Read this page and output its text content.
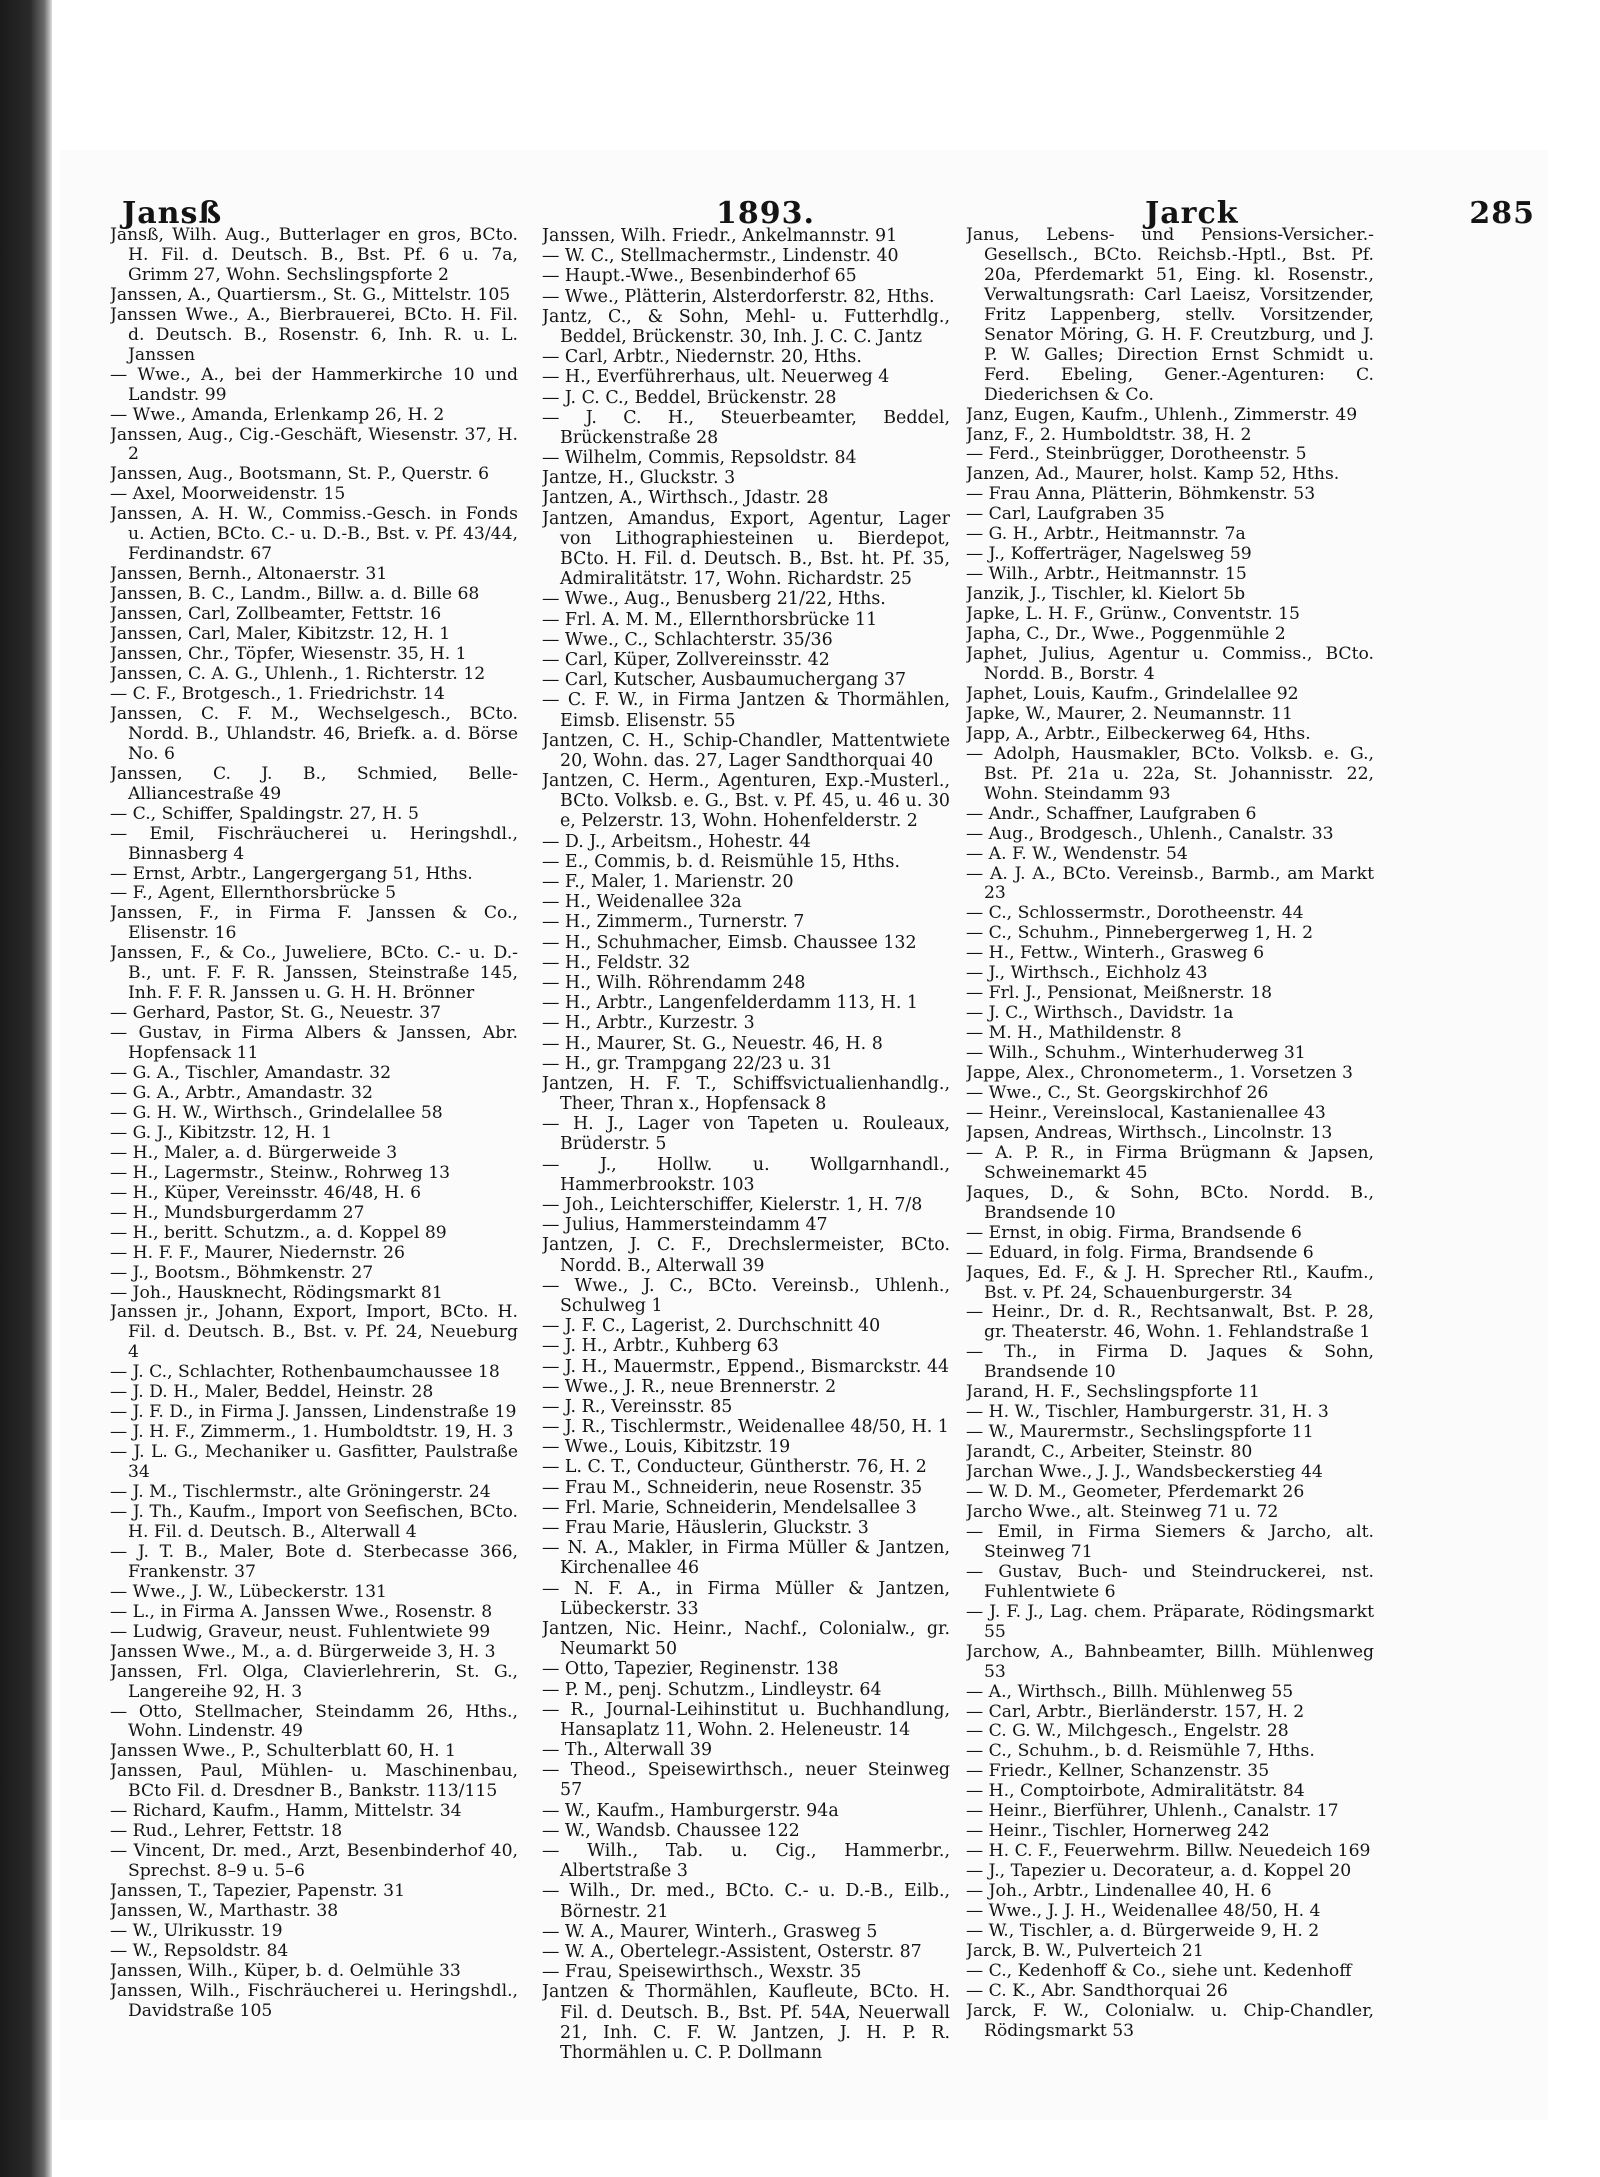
Jansß	1893.	Jarck	285

Jansß, Wilh. Aug., Butterlager en gros, BCto. H. Fil. d. Deutsch. B., Bst. Pf. 6 u. 7a, Grimm 27, Wohn. Sechslingspforte 2

Janssen, A., Quartiersm., St. G., Mittelstr. 105

Janssen Wwe., A., Bierbrauerei, BCto. H. Fil. d. Deutsch. B., Rosenstr. 6, Inh. R. u. L. Janssen

— Wwe., A., bei der Hammerkirche 10 und Landstr. 99

— Wwe., Amanda, Erlenkamp 26, H. 2

Janssen, Aug., Cig.-Geschäft, Wiesenstr. 37, H. 2

Janssen, Aug., Bootsmann, St. P., Querstr. 6

— Axel, Moorweidenstr. 15

Janssen, A. H. W., Commiss.-Gesch. in Fonds u. Actien, BCto. C.- u. D.-B., Bst. v. Pf. 43/44, Ferdinandstr. 67

Janssen, Bernh., Altonaerstr. 31

Janssen, B. C., Landm., Billw. a. d. Bille 68

Janssen, Carl, Zollbeamter, Fettstr. 16

Janssen, Carl, Maler, Kibitzstr. 12, H. 1

Janssen, Chr., Töpfer, Wiesenstr. 35, H. 1

Janssen, C. A. G., Uhlenh., 1. Richterstr. 12

— C. F., Brotgesch., 1. Friedrichstr. 14

Janssen, C. F. M., Wechselgesch., BCto. Nordd. B., Uhlandstr. 46, Briefk. a. d. Börse No. 6

Janssen, C. J. B., Schmied, Belle-Alliancestraße 49

— C., Schiffer, Spaldingstr. 27, H. 5

— Emil, Fischräucherei u. Heringshdl., Binnasberg 4

— Ernst, Arbtr., Langergergang 51, Hths.

— F., Agent, Ellernthorsbrücke 5

Janssen, F., in Firma F. Janssen & Co., Elisenstr. 16

Janssen, F., & Co., Juweliere, BCto. C.- u. D.-B., unt. F. F. R. Janssen, Steinstraße 145, Inh. F. F. R. Janssen u. G. H. H. Brönner

— Gerhard, Pastor, St. G., Neuestr. 37

— Gustav, in Firma Albers & Janssen, Abr. Hopfensack 11

— G. A., Tischler, Amandastr. 32

— G. A., Arbtr., Amandastr. 32

— G. H. W., Wirthsch., Grindelallee 58

— G. J., Kibitzstr. 12, H. 1

— H., Maler, a. d. Bürgerweide 3

— H., Lagermstr., Steinw., Rohrweg 13

— H., Küper, Vereinsstr. 46/48, H. 6

— H., Mundsburgerdamm 27

— H., beritt. Schutzm., a. d. Koppel 89

— H. F. F., Maurer, Niedernstr. 26

— J., Bootsm., Böhmkenstr. 27

— Joh., Hausknecht, Rödingsmarkt 81

Janssen jr., Johann, Export, Import, BCto. H. Fil. d. Deutsch. B., Bst. v. Pf. 24, Neueburg 4

— J. C., Schlachter, Rothenbaumchaussee 18

— J. D. H., Maler, Beddel, Heinstr. 28

— J. F. D., in Firma J. Janssen, Lindenstraße 19

— J. H. F., Zimmerm., 1. Humboldtstr. 19, H. 3

— J. L. G., Mechaniker u. Gasfitter, Paulstraße 34

— J. M., Tischlermstr., alte Gröningerstr. 24

— J. Th., Kaufm., Import von Seefischen, BCto. H. Fil. d. Deutsch. B., Alterwall 4

— J. T. B., Maler, Bote d. Sterbecasse 366, Frankenstr. 37

— Wwe., J. W., Lübeckerstr. 131

— L., in Firma A. Janssen Wwe., Rosenstr. 8

— Ludwig, Graveur, neust. Fuhlentwiete 99

Janssen Wwe., M., a. d. Bürgerweide 3, H. 3

Janssen, Frl. Olga, Clavierlehrerin, St. G., Langereihe 92, H. 3

— Otto, Stellmacher, Steindamm 26, Hths., Wohn. Lindenstr. 49

Janssen Wwe., P., Schulterblatt 60, H. 1

Janssen, Paul, Mühlen- u. Maschinenbau, BCto Fil. d. Dresdner B., Bankstr. 113/115

— Richard, Kaufm., Hamm, Mittelstr. 34

— Rud., Lehrer, Fettstr. 18

— Vincent, Dr. med., Arzt, Besenbinderhof 40, Sprechst. 8–9 u. 5–6

Janssen, T., Tapezier, Papenstr. 31

Janssen, W., Marthastr. 38

— W., Ulrikusstr. 19

— W., Repsoldstr. 84

Janssen, Wilh., Küper, b. d. Oelmühle 33

Janssen, Wilh., Fischräucherei u. Heringshdl., Davidstraße 105

Janssen, Wilh. Friedr., Ankelmannstr. 91

— W. C., Stellmachermstr., Lindenstr. 40

— Haupt.-Wwe., Besenbinderhof 65

— Wwe., Plätterin, Alsterdorferstr. 82, Hths.

Jantz, C., & Sohn, Mehl- u. Futterhdlg., Beddel, Brückenstr. 30, Inh. J. C. C. Jantz

— Carl, Arbtr., Niedernstr. 20, Hths.

— H., Everführerhaus, ult. Neuerweg 4

— J. C. C., Beddel, Brückenstr. 28

— J. C. H., Steuerbeamter, Beddel, Brückenstraße 28

— Wilhelm, Commis, Repsoldstr. 84

Jantze, H., Gluckstr. 3

Jantzen, A., Wirthsch., Jdastr. 28

Jantzen, Amandus, Export, Agentur, Lager von Lithographiesteinen u. Bierdepot, BCto. H. Fil. d. Deutsch. B., Bst. ht. Pf. 35, Admiralitätstr. 17, Wohn. Richardstr. 25

— Wwe., Aug., Benusberg 21/22, Hths.

— Frl. A. M. M., Ellernthorsbrücke 11

— Wwe., C., Schlachterstr. 35/36

— Carl, Küper, Zollvereinsstr. 42

— Carl, Kutscher, Ausbaumuchergang 37

— C. F. W., in Firma Jantzen & Thormählen, Eimsb. Elisenstr. 55

Jantzen, C. H., Schip-Chandler, Mattentwiete 20, Wohn. das. 27, Lager Sandthorquai 40

Jantzen, C. Herm., Agenturen, Exp.-Musterl., BCto. Volksb. e. G., Bst. v. Pf. 45, u. 46 u. 30 e, Pelzerstr. 13, Wohn. Hohenfelderstr. 2

— D. J., Arbeitsm., Hohestr. 44

— E., Commis, b. d. Reismühle 15, Hths.

— F., Maler, 1. Marienstr. 20

— H., Weidenallee 32a

— H., Zimmerm., Turnerstr. 7

— H., Schuhmacher, Eimsb. Chaussee 132

— H., Feldstr. 32

— H., Wilh. Röhrendamm 248

— H., Arbtr., Langenfelderdamm 113, H. 1

— H., Arbtr., Kurzestr. 3

— H., Maurer, St. G., Neuestr. 46, H. 8

— H., gr. Trampgang 22/23 u. 31

Jantzen, H. F. T., Schiffsvictualienhandlg., Theer, Thran x., Hopfensack 8

— H. J., Lager von Tapeten u. Rouleaux, Brüderstr. 5

— J., Hollw. u. Wollgarnhandl., Hammerbrookstr. 103

— Joh., Leichterschiffer, Kielerstr. 1, H. 7/8

— Julius, Hammersteindamm 47

Jantzen, J. C. F., Drechslermeister, BCto. Nordd. B., Alterwall 39

— Wwe., J. C., BCto. Vereinsb., Uhlenh., Schulweg 1

— J. F. C., Lagerist, 2. Durchschnitt 40

— J. H., Arbtr., Kuhberg 63

— J. H., Mauermstr., Eppend., Bismarckstr. 44

— Wwe., J. R., neue Brennerstr. 2

— J. R., Vereinsstr. 85

— J. R., Tischlermstr., Weidenallee 48/50, H. 1

— Wwe., Louis, Kibitzstr. 19

— L. C. T., Conducteur, Güntherstr. 76, H. 2

— Frau M., Schneiderin, neue Rosenstr. 35

— Frl. Marie, Schneiderin, Mendelsallee 3

— Frau Marie, Häuslerin, Gluckstr. 3

— N. A., Makler, in Firma Müller & Jantzen, Kirchenallee 46

— N. F. A., in Firma Müller & Jantzen, Lübeckerstr. 33

Jantzen, Nic. Heinr., Nachf., Colonialw., gr. Neumarkt 50

— Otto, Tapezier, Reginenstr. 138

— P. M., penj. Schutzm., Lindleystr. 64

— R., Journal-Leihinstitut u. Buchhandlung, Hansaplatz 11, Wohn. 2. Heleneustr. 14

— Th., Alterwall 39

— Theod., Speisewirthsch., neuer Steinweg 57

— W., Kaufm., Hamburgerstr. 94a

— W., Wandsb. Chaussee 122

— Wilh., Tab. u. Cig., Hammerbr., Albertstraße 3

— Wilh., Dr. med., BCto. C.- u. D.-B., Eilb., Börnestr. 21

— W. A., Maurer, Winterh., Grasweg 5

— W. A., Obertelegr.-Assistent, Osterstr. 87

— Frau, Speisewirthsch., Wexstr. 35

Jantzen & Thormählen, Kaufleute, BCto. H. Fil. d. Deutsch. B., Bst. Pf. 54A, Neuerwall 21, Inh. C. F. W. Jantzen, J. H. P. R. Thormählen u. C. P. Dollmann

Janus, Lebens- und Pensions-Versicher.-Gesellsch., BCto. Reichsb.-Hptl., Bst. Pf. 20a, Pferdemarkt 51, Eing. kl. Rosenstr., Verwaltungsrath: Carl Laeisz, Vorsitzender, Fritz Lappenberg, stellv. Vorsitzender, Senator Möring, G. H. F. Creutzburg, und J. P. W. Galles; Direction Ernst Schmidt u. Ferd. Ebeling, Gener.-Agenturen: C. Diederichsen & Co.

Janz, Eugen, Kaufm., Uhlenh., Zimmerstr. 49

Janz, F., 2. Humboldtstr. 38, H. 2

— Ferd., Steinbrügger, Dorotheenstr. 5

Janzen, Ad., Maurer, holst. Kamp 52, Hths.

— Frau Anna, Plätterin, Böhmkenstr. 53

— Carl, Laufgraben 35

— G. H., Arbtr., Heitmannstr. 7a

— J., Kofferträger, Nagelsweg 59

— Wilh., Arbtr., Heitmannstr. 15

Janzik, J., Tischler, kl. Kielort 5b

Japke, L. H. F., Grünw., Conventstr. 15

Japha, C., Dr., Wwe., Poggenmühle 2

Japhet, Julius, Agentur u. Commiss., BCto. Nordd. B., Borstr. 4

Japhet, Louis, Kaufm., Grindelallee 92

Japke, W., Maurer, 2. Neumannstr. 11

Japp, A., Arbtr., Eilbeckerweg 64, Hths.

— Adolph, Hausmakler, BCto. Volksb. e. G., Bst. Pf. 21a u. 22a, St. Johannisstr. 22, Wohn. Steindamm 93

— Andr., Schaffner, Laufgraben 6

— Aug., Brodgesch., Uhlenh., Canalstr. 33

— A. F. W., Wendenstr. 54

— A. J. A., BCto. Vereinsb., Barmb., am Markt 23

— C., Schlossermstr., Dorotheenstr. 44

— C., Schuhm., Pinnebergerweg 1, H. 2

— H., Fettw., Winterh., Grasweg 6

— J., Wirthsch., Eichholz 43

— Frl. J., Pensionat, Meißnerstr. 18

— J. C., Wirthsch., Davidstr. 1a

— M. H., Mathildenstr. 8

— Wilh., Schuhm., Winterhuderweg 31

Jappe, Alex., Chronometerm., 1. Vorsetzen 3

— Wwe., C., St. Georgskirchhof 26

— Heinr., Vereinslocal, Kastanienallee 43

Japsen, Andreas, Wirthsch., Lincolnstr. 13

— A. P. R., in Firma Brügmann & Japsen, Schweinemarkt 45

Jaques, D., & Sohn, BCto. Nordd. B., Brandsende 10

— Ernst, in obig. Firma, Brandsende 6

— Eduard, in folg. Firma, Brandsende 6

Jaques, Ed. F., & J. H. Sprecher Rtl., Kaufm., Bst. v. Pf. 24, Schauenburgerstr. 34

— Heinr., Dr. d. R., Rechtsanwalt, Bst. P. 28, gr. Theaterstr. 46, Wohn. 1. Fehlandstraße 1

— Th., in Firma D. Jaques & Sohn, Brandsende 10

Jarand, H. F., Sechslingspforte 11

— H. W., Tischler, Hamburgerstr. 31, H. 3

— W., Maurermstr., Sechslingspforte 11

Jarandt, C., Arbeiter, Steinstr. 80

Jarchan Wwe., J. J., Wandsbeckerstieg 44

— W. D. M., Geometer, Pferdemarkt 26

Jarcho Wwe., alt. Steinweg 71 u. 72

— Emil, in Firma Siemers & Jarcho, alt. Steinweg 71

— Gustav, Buch- und Steindruckerei, nst. Fuhlentwiete 6

— J. F. J., Lag. chem. Präparate, Rödingsmarkt 55

Jarchow, A., Bahnbeamter, Billh. Mühlenweg 53

— A., Wirthsch., Billh. Mühlenweg 55

— Carl, Arbtr., Bierländerstr. 157, H. 2

— C. G. W., Milchgesch., Engelstr. 28

— C., Schuhm., b. d. Reismühle 7, Hths.

— Friedr., Kellner, Schanzenstr. 35

— H., Comptoirbote, Admiralitätstr. 84

— Heinr., Bierführer, Uhlenh., Canalstr. 17

— Heinr., Tischler, Hornerweg 242

— H. C. F., Feuerwehrm. Billw. Neuedeich 169

— J., Tapezier u. Decorateur, a. d. Koppel 20

— Joh., Arbtr., Lindenallee 40, H. 6

— Wwe., J. J. H., Weidenallee 48/50, H. 4

— W., Tischler, a. d. Bürgerweide 9, H. 2

Jarck, B. W., Pulverteich 21

— C., Kedenhoff & Co., siehe unt. Kedenhoff

— C. K., Abr. Sandthorquai 26

Jarck, F. W., Colonialw. u. Chip-Chandler, Rödingsmarkt 53
